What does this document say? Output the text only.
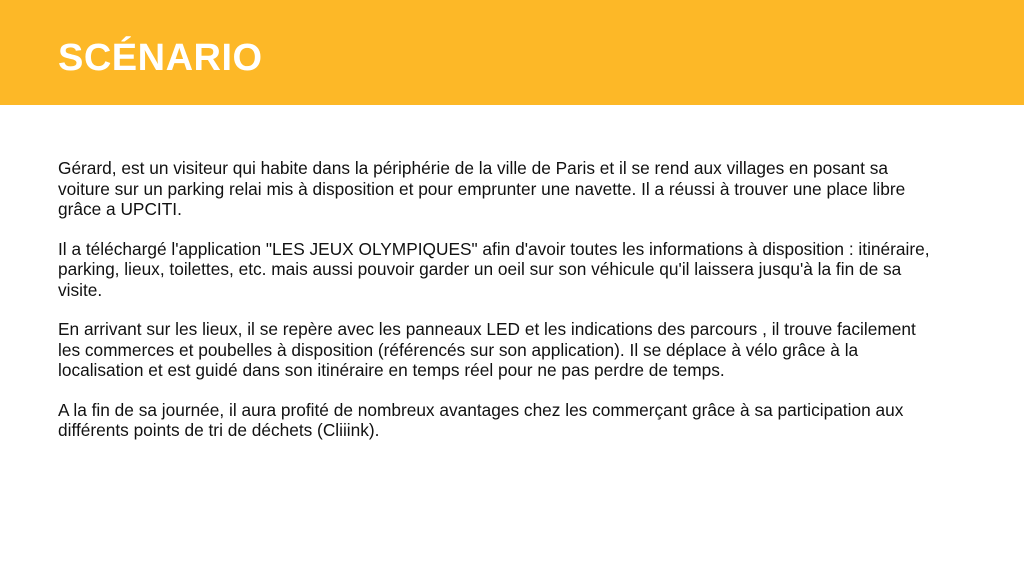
SCÉNARIO

Gérard, est un visiteur qui habite dans la périphérie de la ville de Paris et il se rend aux villages en posant sa voiture sur un parking relai mis à disposition et pour emprunter une navette. Il a réussi à trouver une place libre grâce a UPCITI.

Il a téléchargé l'application "LES JEUX OLYMPIQUES" afin d'avoir toutes les informations à disposition : itinéraire, parking, lieux, toilettes, etc. mais aussi pouvoir garder un oeil sur son véhicule qu'il laissera jusqu'à la fin de sa visite.

En arrivant sur les lieux, il se repère avec les panneaux LED et les indications des parcours , il trouve facilement les commerces et poubelles à disposition (référencés sur son application). Il se déplace à vélo grâce à la localisation et est guidé dans son itinéraire en temps réel pour ne pas perdre de temps.

A la fin de sa journée, il aura profité de nombreux avantages chez les commerçant grâce à sa participation aux différents points de tri de déchets (Cliiink).
